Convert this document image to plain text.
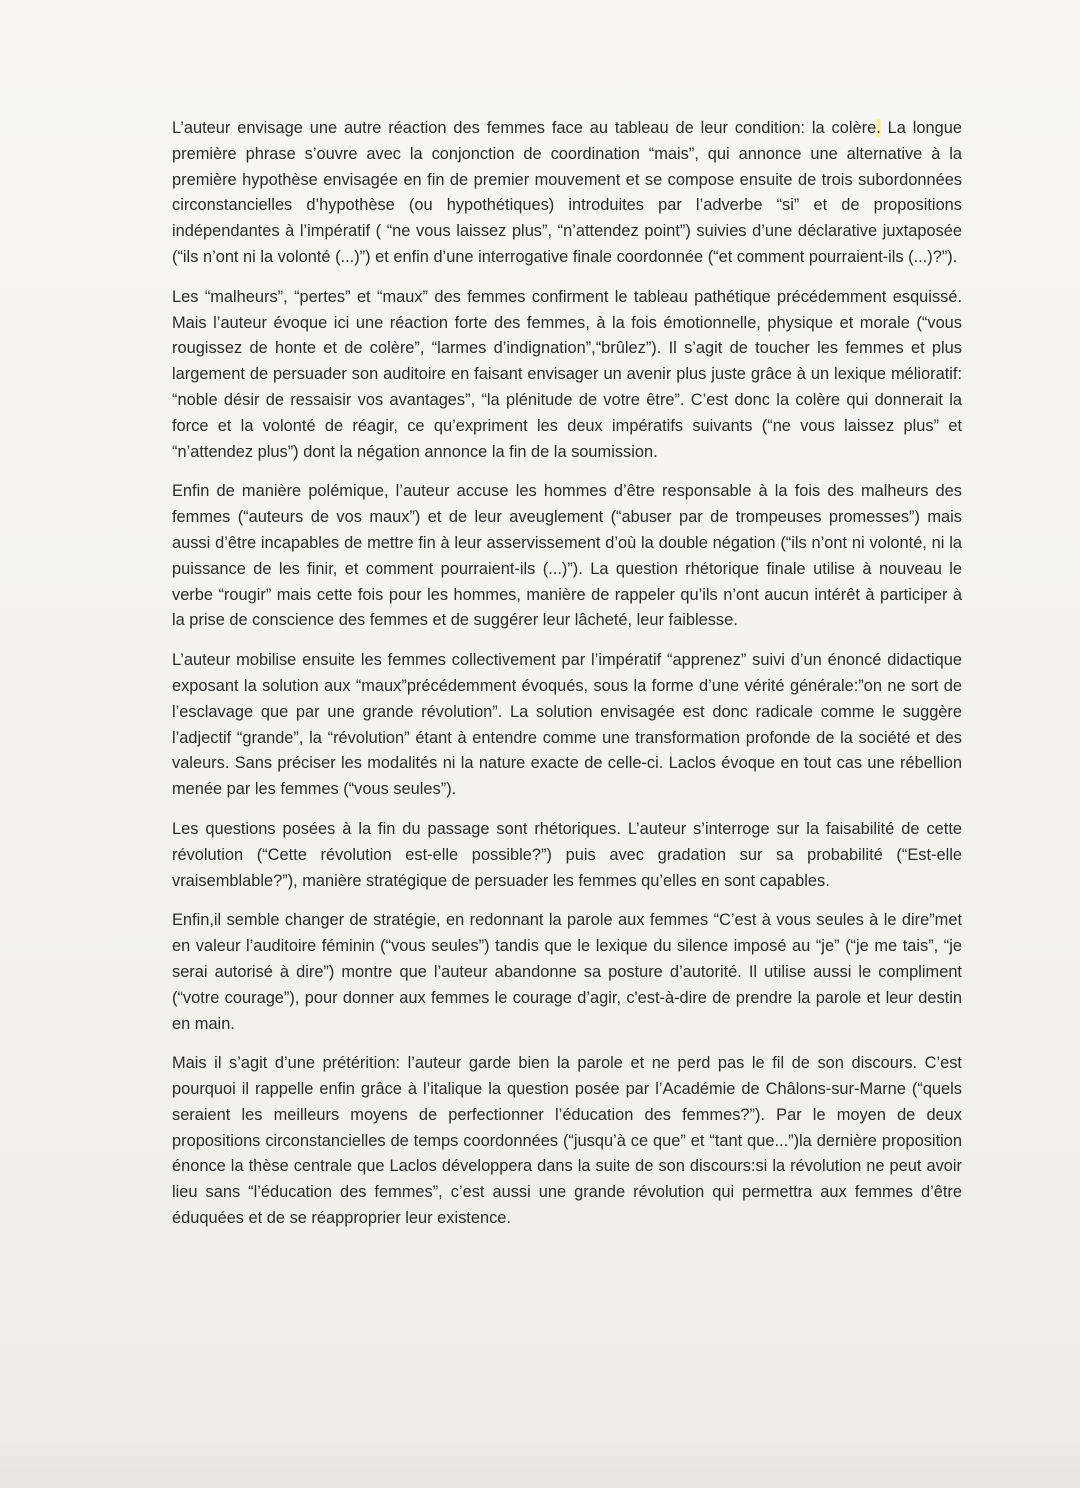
L’auteur envisage une autre réaction des femmes face au tableau de leur condition: la colère. La longue première phrase s’ouvre avec la conjonction de coordination “mais”, qui annonce une alternative à la première hypothèse envisagée en fin de premier mouvement et se compose ensuite de trois subordonnées circonstancielles d’hypothèse (ou hypothétiques) introduites par l’adverbe “si” et de propositions indépendantes à l’impératif ( “ne vous laissez plus”, “n’attendez point”) suivies d’une déclarative juxtaposée (“ils n’ont ni la volonté (...)”) et enfin d’une interrogative finale coordonnée (“et comment pourraient-ils (...)?”).

Les “malheurs”, “pertes” et “maux” des femmes confirment le tableau pathétique précédemment esquissé. Mais l’auteur évoque ici une réaction forte des femmes, à la fois émotionnelle, physique et morale (“vous rougissez de honte et de colère”, “larmes d’indignation”,“brûlez”). Il s’agit de toucher les femmes et plus largement de persuader son auditoire en faisant envisager un avenir plus juste grâce à un lexique mélioratif: “noble désir de ressaisir vos avantages”, “la plénitude de votre être”. C’est donc la colère qui donnerait la force et la volonté de réagir, ce qu’expriment les deux impératifs suivants (“ne vous laissez plus” et “n’attendez plus”) dont la négation annonce la fin de la soumission.

Enfin de manière polémique, l’auteur accuse les hommes d’être responsable à la fois des malheurs des femmes (“auteurs de vos maux”) et de leur aveuglement (“abuser par de trompeuses promesses”) mais aussi d’être incapables de mettre fin à leur asservissement d’où la double négation (“ils n’ont ni volonté, ni la puissance de les finir, et comment pourraient-ils (...)”). La question rhétorique finale utilise à nouveau le verbe “rougir” mais cette fois pour les hommes, manière de rappeler qu’ils n’ont aucun intérêt à participer à la prise de conscience des femmes et de suggérer leur lâcheté, leur faiblesse.

L’auteur mobilise ensuite les femmes collectivement par l’impératif “apprenez” suivi d’un énoncé didactique exposant la solution aux “maux”précédemment évoqués, sous la forme d’une vérité générale:”on ne sort de l’esclavage que par une grande révolution”. La solution envisagée est donc radicale comme le suggère l’adjectif “grande”, la “révolution” étant à entendre comme une transformation profonde de la société et des valeurs. Sans préciser les modalités ni la nature exacte de celle-ci. Laclos évoque en tout cas une rébellion menée par les femmes (“vous seules”).

Les questions posées à la fin du passage sont rhétoriques. L’auteur s’interroge sur la faisabilité de cette révolution (“Cette révolution est-elle possible?”) puis avec gradation sur sa probabilité (“Est-elle vraisemblable?”), manière stratégique de persuader les femmes qu’elles en sont capables.

Enfin,il semble changer de stratégie, en redonnant la parole aux femmes “C’est à vous seules à le dire”met en valeur l’auditoire féminin (“vous seules”) tandis que le lexique du silence imposé au “je” (“je me tais”, “je serai autorisé à dire”) montre que l’auteur abandonne sa posture d’autorité. Il utilise aussi le compliment (“votre courage”), pour donner aux femmes le courage d’agir, c'est-à-dire de prendre la parole et leur destin en main.

Mais il s’agit d’une prétérition: l’auteur garde bien la parole et ne perd pas le fil de son discours. C’est pourquoi il rappelle enfin grâce à l’italique la question posée par l’Académie de Châlons-sur-Marne (“quels seraient les meilleurs moyens de perfectionner l’éducation des femmes?”). Par le moyen de deux propositions circonstancielles de temps coordonnées (“jusqu’à ce que” et “tant que...”)la dernière proposition énonce la thèse centrale que Laclos développera dans la suite de son discours:si la révolution ne peut avoir lieu sans “l’éducation des femmes”, c’est aussi une grande révolution qui permettra aux femmes d’être éduquées et de se réapproprier leur existence.
